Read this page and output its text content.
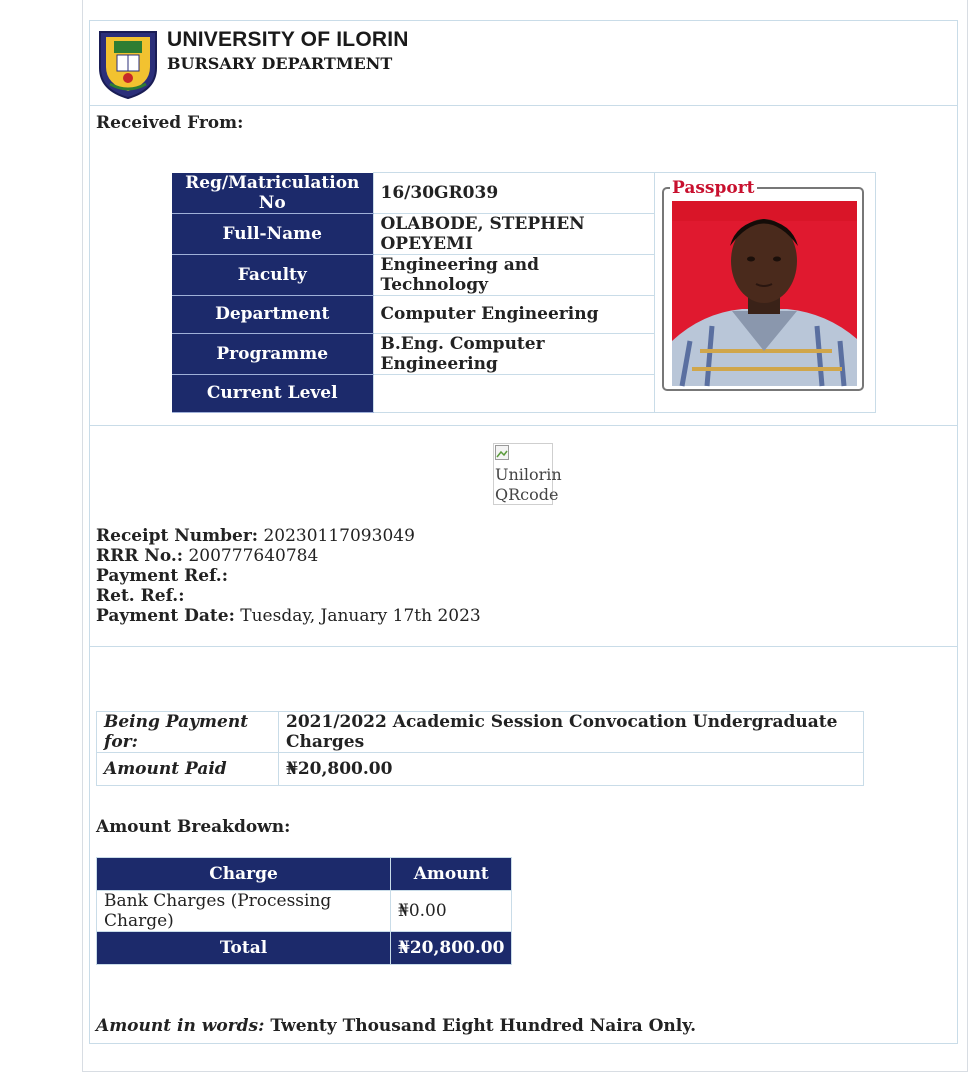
UNIVERSITY OF ILORIN
BURSARY DEPARTMENT
Received From:
Reg/Matriculation No	16/30GR039	
Full-Name	OLABODE, STEPHEN OPEYEMI	
Faculty	Engineering and Technology	
Department	Computer Engineering	
Programme	B.Eng. Computer Engineering	
Current Level		
Passport

Unilorin QRcode
Receipt Number: 20230117093049
RRR No.: 200777640784
Payment Ref.:
Ret. Ref.:
Payment Date: Tuesday, January 17th 2023
Being Payment for:	2021/2022 Academic Session Convocation Undergraduate Charges
Amount Paid	₦20,800.00
Amount Breakdown:
Charge	Amount
Bank Charges (Processing Charge)	₦0.00
Total	₦20,800.00
Amount in words: Twenty Thousand Eight Hundred Naira Only.
